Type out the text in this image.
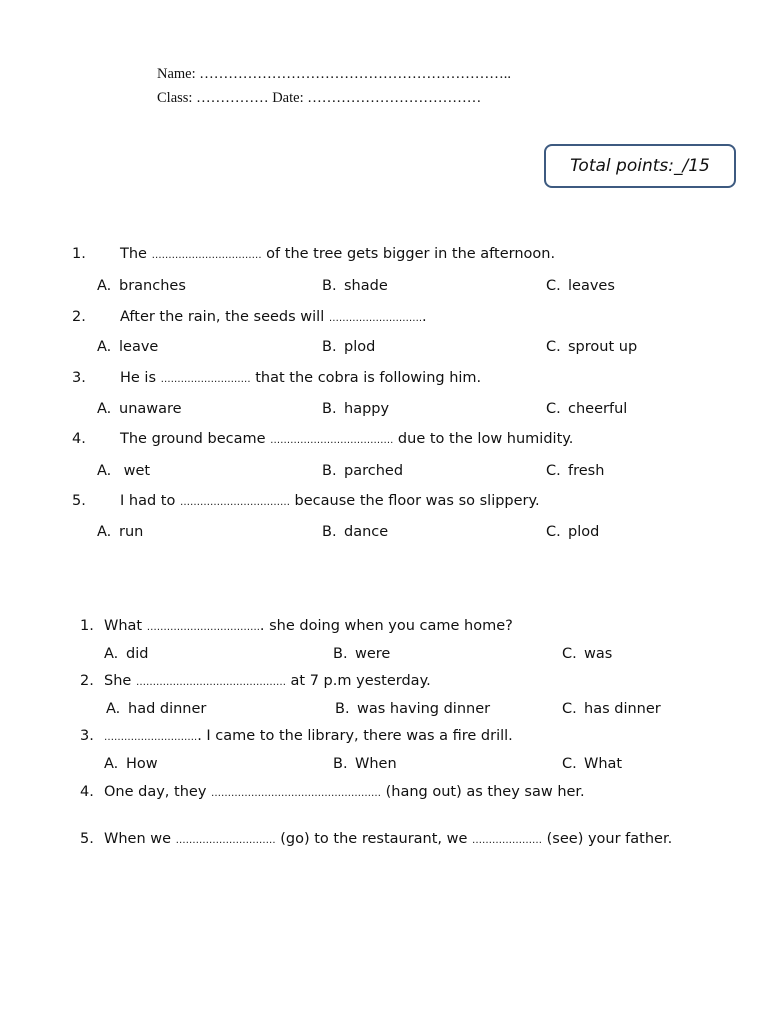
Name: ………………………………………………………..
Class: …………… Date: ………………………………
Total points:_/15
1. The …………………………… of the tree gets bigger in the afternoon.
A. branches	B. shade	C. leaves
2. After the rain, the seeds will ………………………..
A. leave	B. plod	C. sprout up
3. He is ……………………… that the cobra is following him.
A. unaware	B. happy	C. cheerful
4. The ground became ………………………………. due to the low humidity.
A. wet	B. parched	C. fresh
5. I had to …………………………… because the floor was so slippery.
A. run	B. dance	C. plod
1. What …………………………….. she doing when you came home?
A. did	B. were	C. was
2. She ……………………………………… at 7 p.m yesterday.
A. had dinner	B. was having dinner	C. has dinner
3. ……………………….. I came to the library, there was a fire drill.
A. How	B. When	C. What
4. One day, they …………………………………………… (hang out) as they saw her.
5. When we ………………………… (go) to the restaurant, we ………………… (see) your father.
